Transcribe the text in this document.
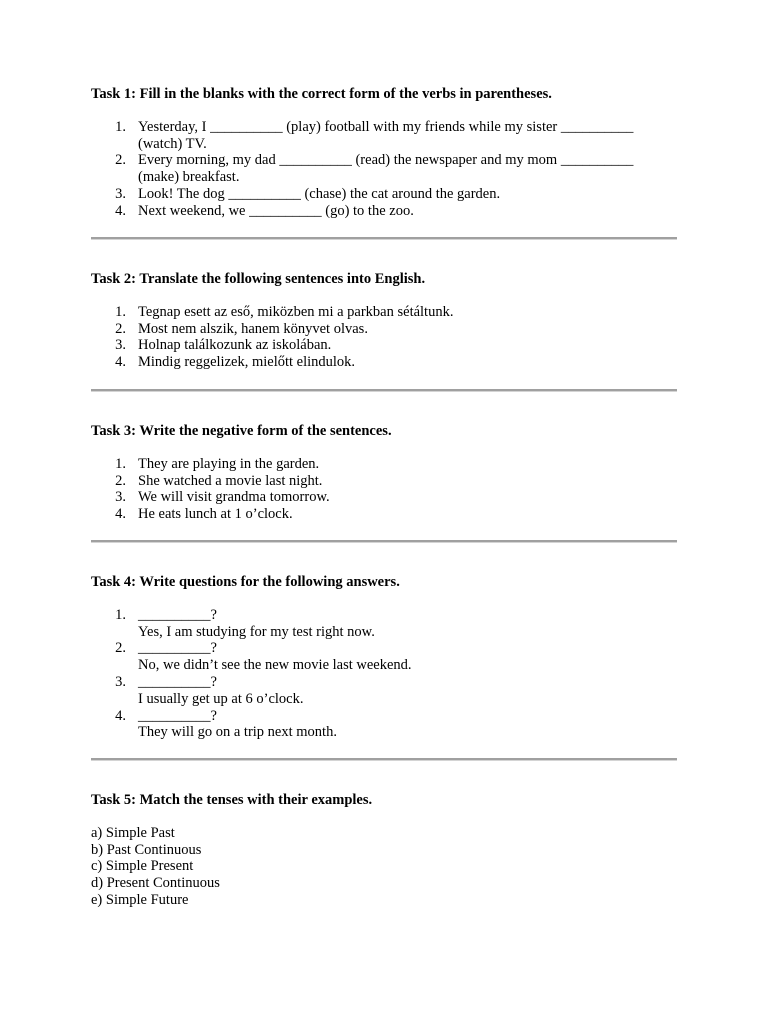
Task 1: Fill in the blanks with the correct form of the verbs in parentheses.

1. Yesterday, I __________ (play) football with my friends while my sister __________ (watch) TV.
2. Every morning, my dad __________ (read) the newspaper and my mom __________ (make) breakfast.
3. Look! The dog __________ (chase) the cat around the garden.
4. Next weekend, we __________ (go) to the zoo.

Task 2: Translate the following sentences into English.

1. Tegnap esett az eső, miközben mi a parkban sétáltunk.
2. Most nem alszik, hanem könyvet olvas.
3. Holnap találkozunk az iskolában.
4. Mindig reggelizek, mielőtt elindulok.

Task 3: Write the negative form of the sentences.

1. They are playing in the garden.
2. She watched a movie last night.
3. We will visit grandma tomorrow.
4. He eats lunch at 1 o’clock.

Task 4: Write questions for the following answers.

1. __________?
Yes, I am studying for my test right now.
2. __________?
No, we didn’t see the new movie last weekend.
3. __________?
I usually get up at 6 o’clock.
4. __________?
They will go on a trip next month.

Task 5: Match the tenses with their examples.

a) Simple Past
b) Past Continuous
c) Simple Present
d) Present Continuous
e) Simple Future
